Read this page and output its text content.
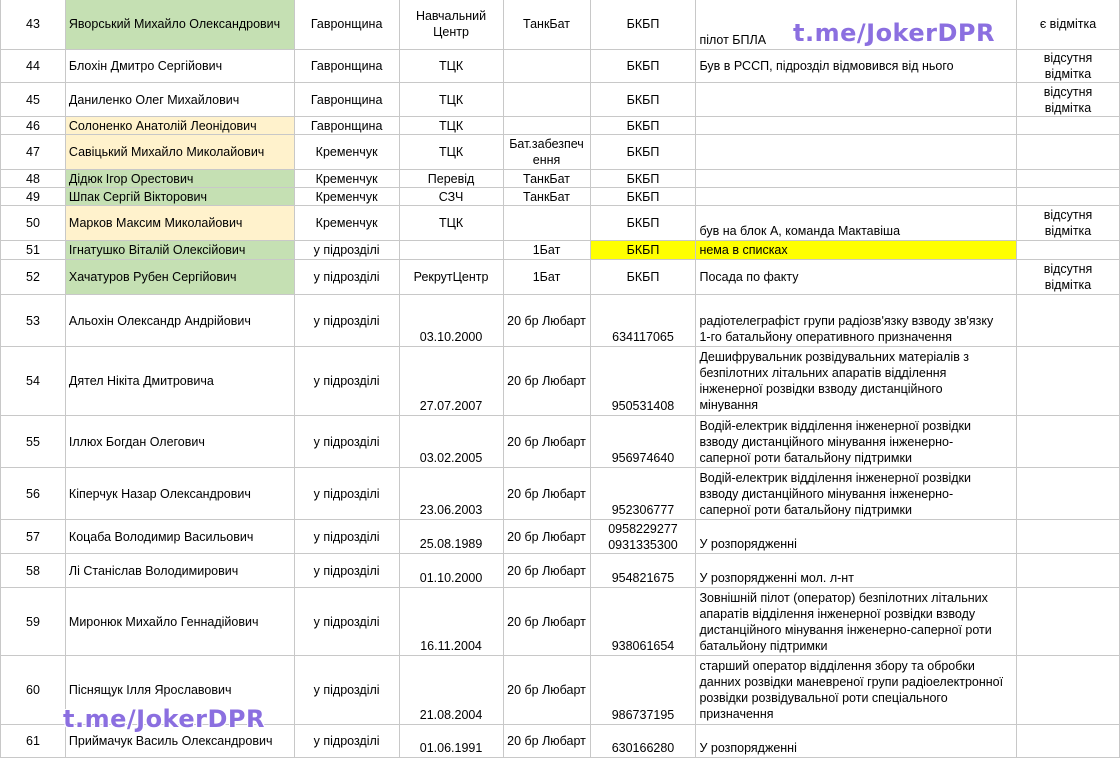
43	Яворський Михайло Олександрович	Гавронщина	Навчальний
Центр	ТанкБат	БКБП	пілот БПЛА	є відмітка
44	Блохін Дмитро Сергійович	Гавронщина	ТЦК		БКБП	Був в РССП, підрозділ відмовився від нього	відсутня
відмітка
45	Даниленко Олег Михайлович	Гавронщина	ТЦК		БКБП		відсутня
відмітка
46	Солоненко Анатолій Леонідович	Гавронщина	ТЦК		БКБП		
47	Савіцький Михайло Миколайович	Кременчук	ТЦК	Бат.забезпеч
ення	БКБП		
48	Дідюк Ігор Орестович	Кременчук	Перевід	ТанкБат	БКБП		
49	Шпак Сергій Вікторович	Кременчук	СЗЧ	ТанкБат	БКБП		
50	Марков Максим Миколайович	Кременчук	ТЦК		БКБП	був на блок А, команда Мактавіша	відсутня
відмітка
51	Ігнатушко Віталій Олексійович	у підрозділі		1Бат	БКБП	нема в списках	
52	Хачатуров Рубен Сергійович	у підрозділі	РекрутЦентр	1Бат	БКБП	Посада по факту	відсутня
відмітка
53	Альохін Олександр Андрійович	у підрозділі	03.10.2000	20 бр Любарт	634117065	радіотелеграфіст групи радіозв'язку взводу зв'язку
1-го батальйону оперативного призначення	
54	Дятел Нікіта Дмитровича	у підрозділі	27.07.2007	20 бр Любарт	950531408	Дешифрувальник розвідувальних матеріалів з
безпілотних літальних апаратів відділення
інженерної розвідки взводу дистанційного
мінування	
55	Іллюх Богдан Олегович	у підрозділі	03.02.2005	20 бр Любарт	956974640	Водій-електрик відділення інженерної розвідки
взводу дистанційного мінування інженерно-
саперної роти батальйону підтримки	
56	Кіперчук Назар Олександрович	у підрозділі	23.06.2003	20 бр Любарт	952306777	Водій-електрик відділення інженерної розвідки
взводу дистанційного мінування інженерно-
саперної роти батальйону підтримки	
57	Коцаба Володимир Васильович	у підрозділі	25.08.1989	20 бр Любарт	0958229277
0931335300	У розпорядженні	
58	Лі Станіслав Володимирович	у підрозділі	01.10.2000	20 бр Любарт	954821675	У розпорядженні мол. л-нт	
59	Миронюк Михайло Геннадійович	у підрозділі	16.11.2004	20 бр Любарт	938061654	Зовнішній пілот (оператор) безпілотних літальних
апаратів відділення інженерної розвідки взводу
дистанційного мінування інженерно-саперної роти
батальйону підтримки	
60	Піснящук Ілля Ярославович	у підрозділі	21.08.2004	20 бр Любарт	986737195	старший оператор відділення збору та обробки
данних розвідки маневреної групи радіоелектронної
розвідки розвідувальної роти спеціального
призначення	
61	Приймачук Василь Олександрович	у підрозділі	01.06.1991	20 бр Любарт	630166280	У розпорядженні	
t.me/JokerDPR
t.me/JokerDPR
